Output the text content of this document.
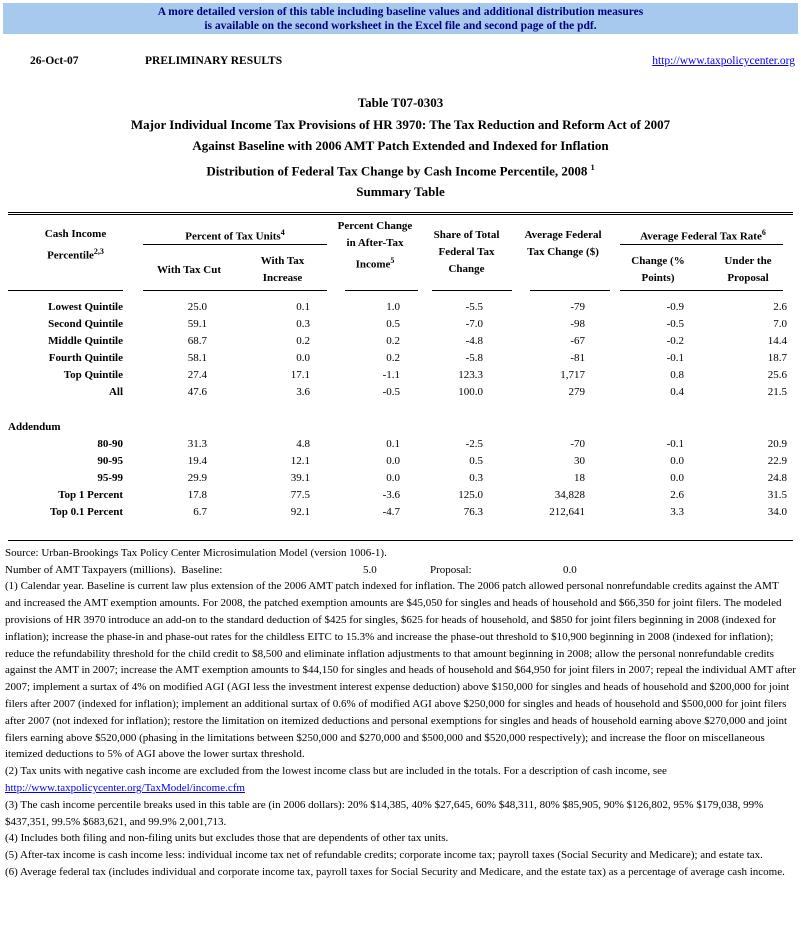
A more detailed version of this table including baseline values and additional distribution measures
is available on the second worksheet in the Excel file and second page of the pdf.
26-Oct-07	PRELIMINARY RESULTS	http://www.taxpolicycenter.org
Table T07-0303
Major Individual Income Tax Provisions of HR 3970: The Tax Reduction and Reform Act of 2007
Against Baseline with 2006 AMT Patch Extended and Indexed for Inflation
Distribution of Federal Tax Change by Cash Income Percentile, 2008 $^1$
Summary Table
Cash Income Percentile$^{2,3}$
Percent of Tax Units$^4$
With Tax Cut
With Tax Increase
Percent Change in After-Tax Income$^5$
Share of Total Federal Tax Change
Average Federal Tax Change ($)
Average Federal Tax Rate$^6$
Change (% Points)
Under the Proposal
Lowest Quintile	25.0	0.1	1.0	-5.5	-79	-0.9	2.6
Second Quintile	59.1	0.3	0.5	-7.0	-98	-0.5	7.0
Middle Quintile	68.7	0.2	0.2	-4.8	-67	-0.2	14.4
Fourth Quintile	58.1	0.0	0.2	-5.8	-81	-0.1	18.7
Top Quintile	27.4	17.1	-1.1	123.3	1,717	0.8	25.6
All	47.6	3.6	-0.5	100.0	279	0.4	21.5
Addendum
80-90	31.3	4.8	0.1	-2.5	-70	-0.1	20.9
90-95	19.4	12.1	0.0	0.5	30	0.0	22.9
95-99	29.9	39.1	0.0	0.3	18	0.0	24.8
Top 1 Percent	17.8	77.5	-3.6	125.0	34,828	2.6	31.5
Top 0.1 Percent	6.7	92.1	-4.7	76.3	212,641	3.3	34.0

Source: Urban-Brookings Tax Policy Center Microsimulation Model (version 1006-1).

Number of AMT Taxpayers (millions).  Baseline:	5.0	Proposal:	0.0

(1) Calendar year. Baseline is current law plus extension of the 2006 AMT patch indexed for inflation. The 2006 patch allowed personal nonrefundable credits against the AMT and increased the AMT exemption amounts. For 2008, the patched exemption amounts are $45,050 for singles and heads of household and $66,350 for joint filers. The modeled provisions of HR 3970 introduce an add-on to the standard deduction of $425 for singles, $625 for heads of household, and $850 for joint filers beginning in 2008 (indexed for inflation); increase the phase-in and phase-out rates for the childless EITC to 15.3% and increase the phase-out threshold to $10,900 beginning in 2008 (indexed for inflation); reduce the refundability threshold for the child credit to $8,500 and eliminate inflation adjustments to that amount beginning in 2008; allow the personal nonrefundable credits against the AMT in 2007; increase the AMT exemption amounts to $44,150 for singles and heads of household and $64,950 for joint filers in 2007; repeal the individual AMT after 2007; implement a surtax of 4% on modified AGI (AGI less the investment interest expense deduction) above $150,000 for singles and heads of household and $200,000 for joint filers after 2007 (indexed for inflation); implement an additional surtax of 0.6% of modified AGI above $250,000 for singles and heads of household and $500,000 for joint filers after 2007 (not indexed for inflation); restore the limitation on itemized deductions and personal exemptions for singles and heads of household earning above $270,000 and joint filers earning above $520,000 (phasing in the limitations between $250,000 and $270,000 and $500,000 and $520,000 respectively); and increase the floor on miscellaneous itemized deductions to 5% of AGI above the lower surtax threshold.

(2) Tax units with negative cash income are excluded from the lowest income class but are included in the totals. For a description of cash income, see
http://www.taxpolicycenter.org/TaxModel/income.cfm

(3) The cash income percentile breaks used in this table are (in 2006 dollars): 20% $14,385, 40% $27,645, 60% $48,311, 80% $85,905, 90% $126,802, 95% $179,038, 99% $437,351, 99.5% $683,621, and 99.9% 2,001,713.

(4) Includes both filing and non-filing units but excludes those that are dependents of other tax units.

(5) After-tax income is cash income less: individual income tax net of refundable credits; corporate income tax; payroll taxes (Social Security and Medicare); and estate tax.

(6) Average federal tax (includes individual and corporate income tax, payroll taxes for Social Security and Medicare, and the estate tax) as a percentage of average cash income.
